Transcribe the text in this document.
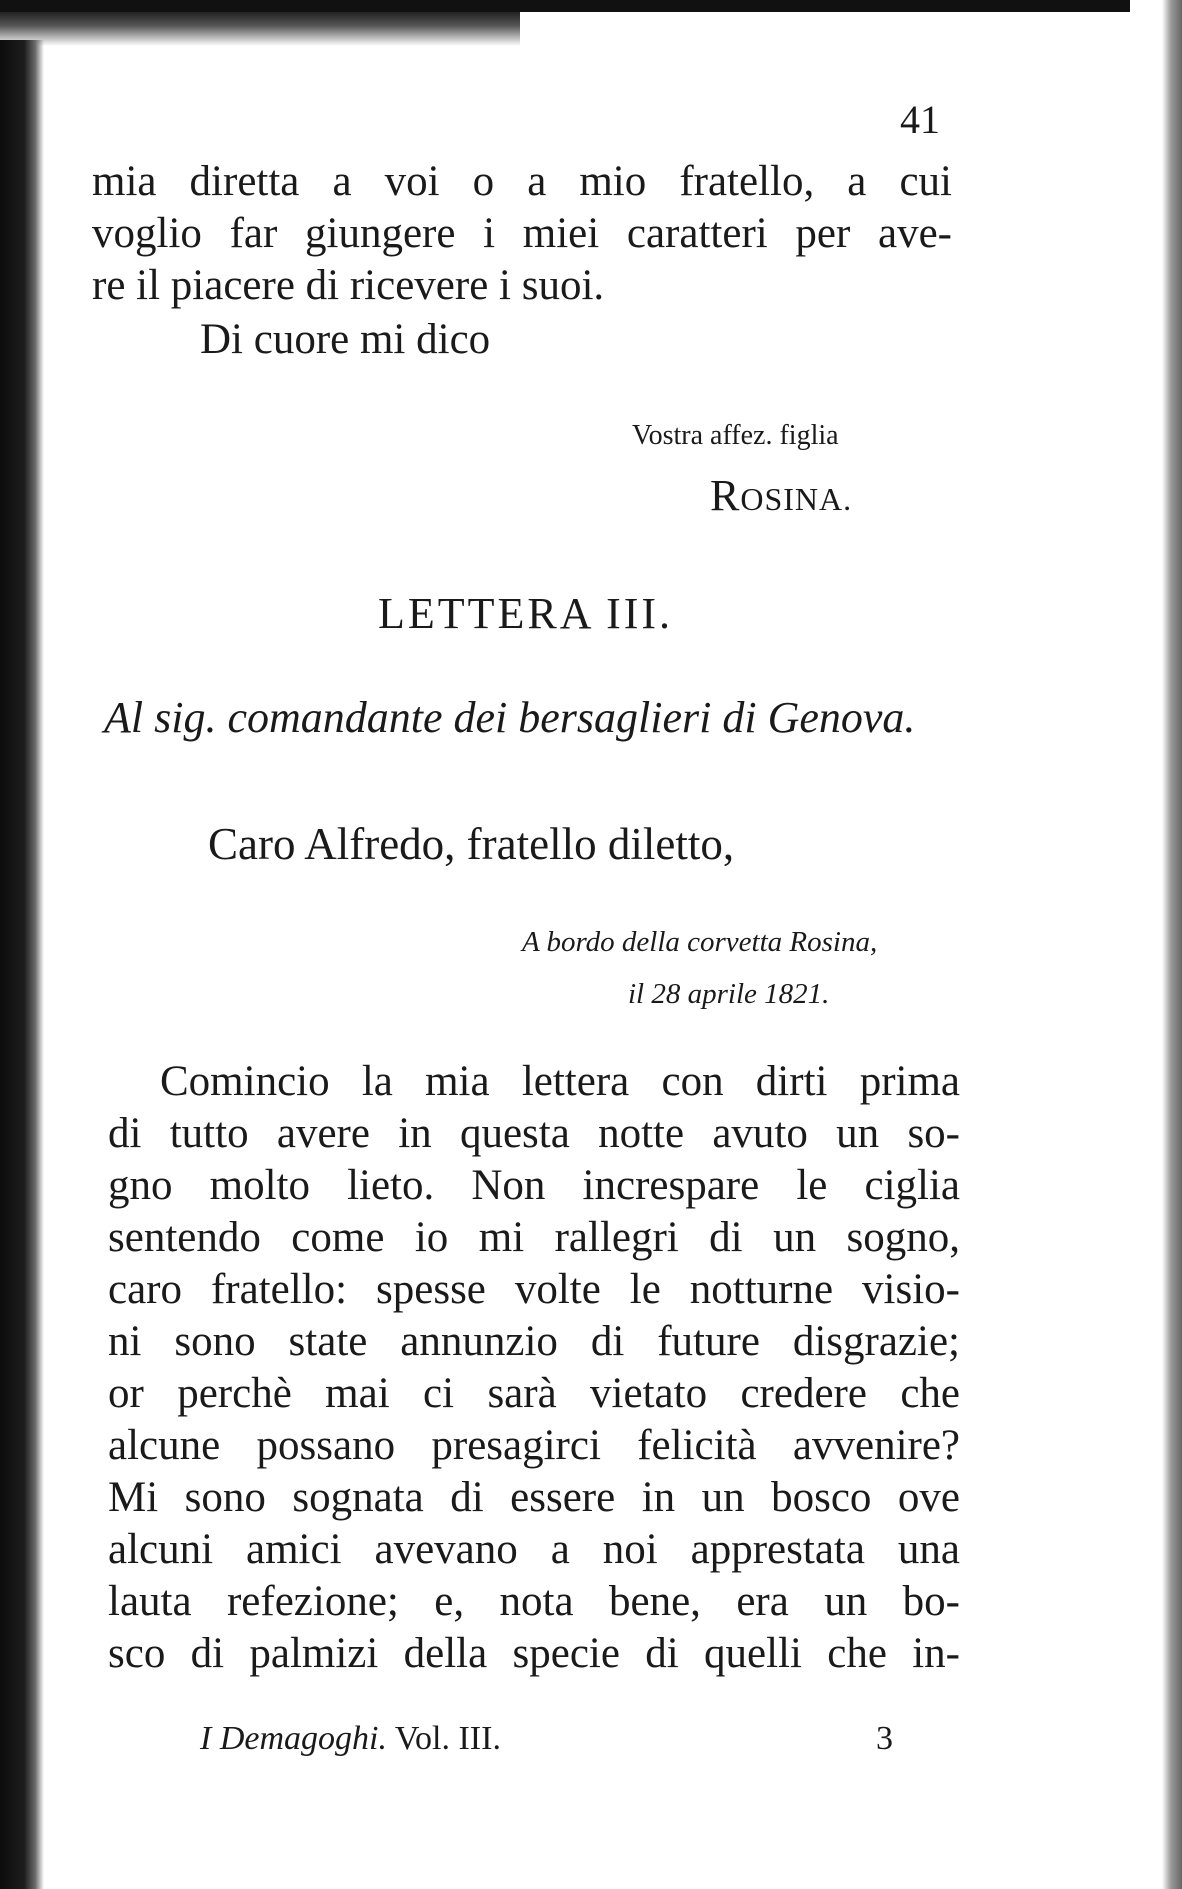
41
mia diretta a voi o a mio fratello, a cui
voglio far giungere i miei caratteri per ave-
re il piacere di ricevere i suoi.
Di cuore mi dico
Vostra affez. figlia
ROSINA.
LETTERA III.
Al sig. comandante dei bersaglieri di Genova.
Caro Alfredo, fratello diletto,
A bordo della corvetta Rosina,
il 28 aprile 1821.
Comincio la mia lettera con dirti prima
di tutto avere in questa notte avuto un so-
gno molto lieto. Non increspare le ciglia
sentendo come io mi rallegri di un sogno,
caro fratello: spesse volte le notturne visio-
ni sono state annunzio di future disgrazie;
or perchè mai ci sarà vietato credere che
alcune possano presagirci felicità avvenire?
Mi sono sognata di essere in un bosco ove
alcuni amici avevano a noi apprestata una
lauta refezione; e, nota bene, era un bo-
sco di palmizi della specie di quelli che in-
I Demagoghi. Vol. III.	3
